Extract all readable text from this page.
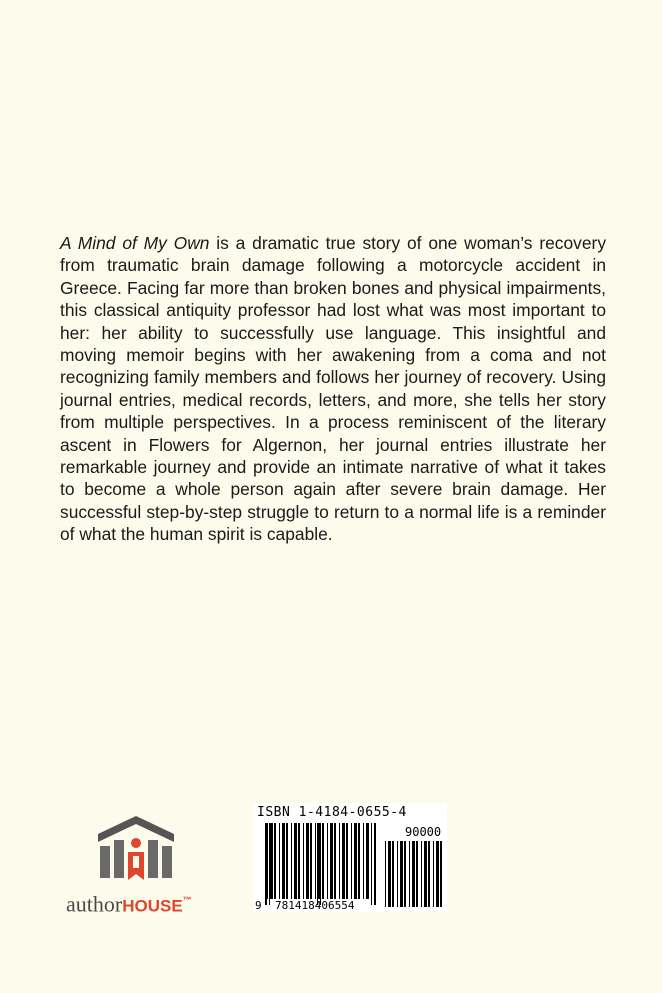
A Mind of My Own is a dramatic true story of one woman’s recovery from traumatic brain damage following a motorcycle accident in Greece. Facing far more than broken bones and physical impairments, this classical antiquity professor had lost what was most important to her: her ability to successfully use language. This insightful and moving memoir begins with her awakening from a coma and not recognizing family members and follows her journey of recovery. Using journal entries, medical records, letters, and more, she tells her story from multiple perspectives. In a process reminiscent of the literary ascent in Flowers for Algernon, her journal entries illustrate her remarkable journey and provide an intimate narrative of what it takes to become a whole person again after severe brain damage. Her successful step-by-step struggle to return to a normal life is a reminder of what the human spirit is capable.

authorHOUSE™
90000
9 781418406554
ISBN 1-4184-0655-4
